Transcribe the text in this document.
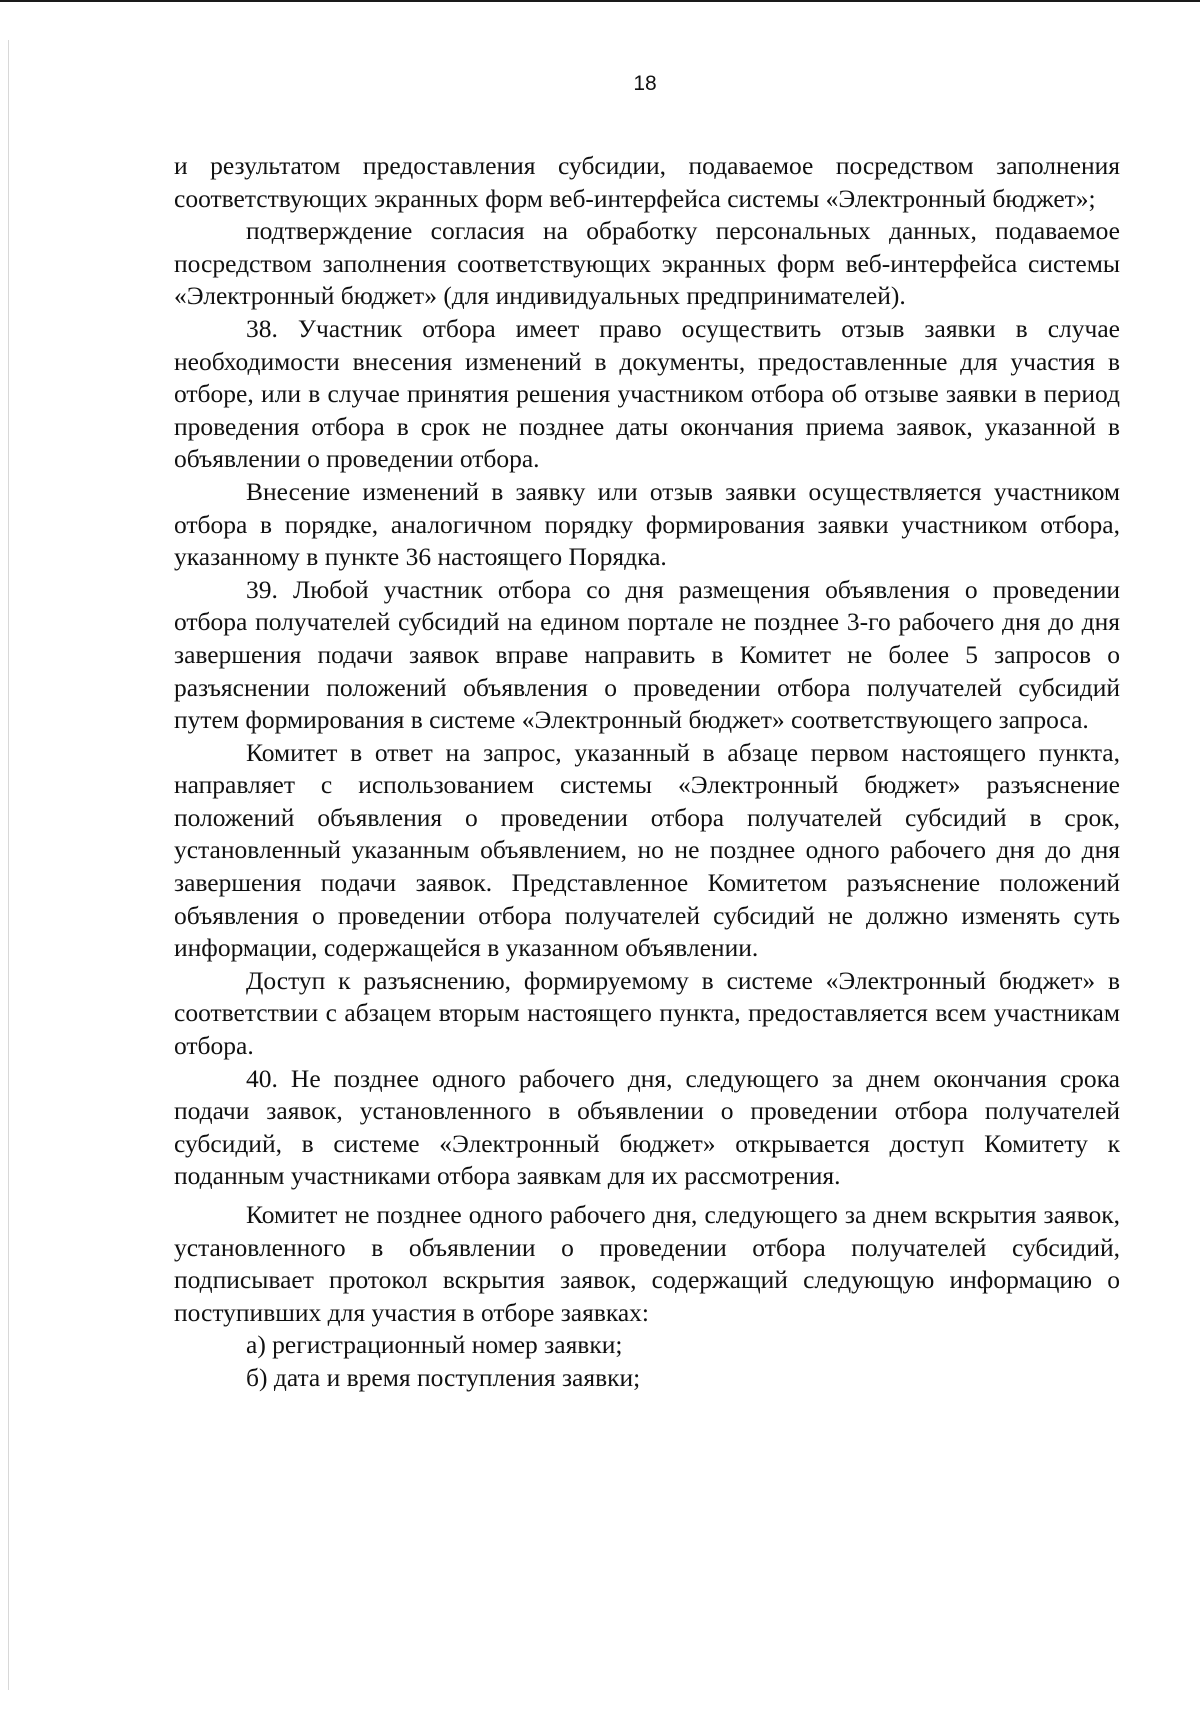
18

и результатом предоставления субсидии, подаваемое посредством заполнения соответствующих экранных форм веб-интерфейса системы «Электронный бюджет»;

подтверждение согласия на обработку персональных данных, подаваемое посредством заполнения соответствующих экранных форм веб-интерфейса системы «Электронный бюджет» (для индивидуальных предпринимателей).

38. Участник отбора имеет право осуществить отзыв заявки в случае необходимости внесения изменений в документы, предоставленные для участия в отборе, или в случае принятия решения участником отбора об отзыве заявки в период проведения отбора в срок не позднее даты окончания приема заявок, указанной в объявлении о проведении отбора.

Внесение изменений в заявку или отзыв заявки осуществляется участником отбора в порядке, аналогичном порядку формирования заявки участником отбора, указанному в пункте 36 настоящего Порядка.

39. Любой участник отбора со дня размещения объявления о проведении отбора получателей субсидий на едином портале не позднее 3-го рабочего дня до дня завершения подачи заявок вправе направить в Комитет не более 5 запросов о разъяснении положений объявления о проведении отбора получателей субсидий путем формирования в системе «Электронный бюджет» соответствующего запроса.

Комитет в ответ на запрос, указанный в абзаце первом настоящего пункта, направляет с использованием системы «Электронный бюджет» разъяснение положений объявления о проведении отбора получателей субсидий в срок, установленный указанным объявлением, но не позднее одного рабочего дня до дня завершения подачи заявок. Представленное Комитетом разъяснение положений объявления о проведении отбора получателей субсидий не должно изменять суть информации, содержащейся в указанном объявлении.

Доступ к разъяснению, формируемому в системе «Электронный бюджет» в соответствии с абзацем вторым настоящего пункта, предоставляется всем участникам отбора.

40. Не позднее одного рабочего дня, следующего за днем окончания срока подачи заявок, установленного в объявлении о проведении отбора получателей субсидий, в системе «Электронный бюджет» открывается доступ Комитету к поданным участниками отбора заявкам для их рассмотрения.

Комитет не позднее одного рабочего дня, следующего за днем вскрытия заявок, установленного в объявлении о проведении отбора получателей субсидий, подписывает протокол вскрытия заявок, содержащий следующую информацию о поступивших для участия в отборе заявках:

а) регистрационный номер заявки;

б) дата и время поступления заявки;
